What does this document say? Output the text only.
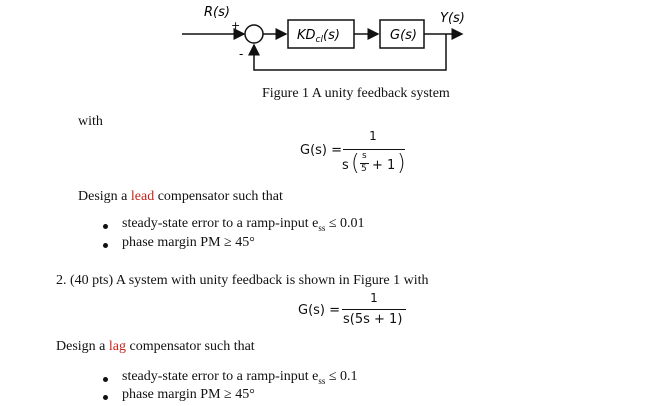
R(s)	Y(s)
+
-
$KD_{cl}(s)$	G(s)
Figure 1 A unity feedback system
with
G(s) =
1
s ( s
5 + 1 )
Design a lead compensator such that
steady-state error to a ramp-input $e_{ss} \le 0.01$
phase margin PM ≥ 45°
2. (40 pts) A system with unity feedback is shown in Figure 1 with
G(s) =
1
s(5s + 1)
Design a lag compensator such that
steady-state error to a ramp-input $e_{ss} \le 0.1$
phase margin PM ≥ 45°
